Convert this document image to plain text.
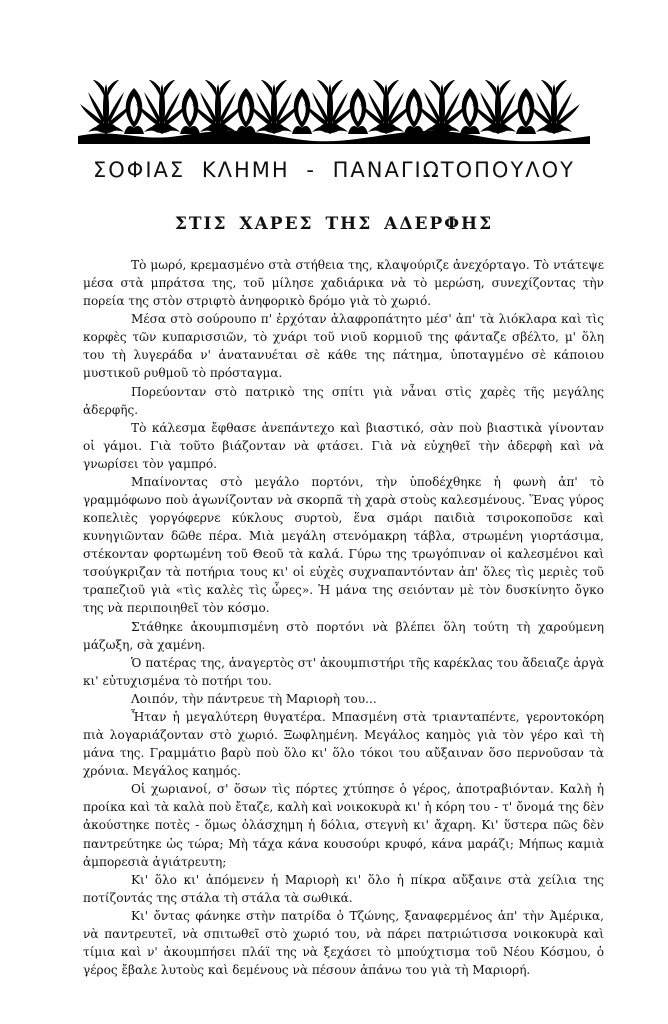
ΣΟΦΙΑΣ ΚΛΗΜΗ - ΠΑΝΑΓΙΩΤΟΠΟΥΛΟΥ
ΣΤΙΣ ΧΑΡΕΣ ΤΗΣ ΑΔΕΡΦΗΣ

Τὸ μωρό, κρεμασμένο στὰ στήθεια της, κλαψούριζε ἀνεχόρταγο. Τὸ ντάτεψε μέσα στὰ μπράτσα της, τοῦ μίλησε χαδιάρικα νὰ τὸ μερώση, συνεχίζοντας τὴν πορεία της στὸν στριφτὸ ἀνηφορικὸ δρόμο γιὰ τὸ χωριό.

Μέσα στὸ σούρουπο π' ἐρχόταν ἀλαφροπάτητο μέσ' ἀπ' τὰ λιόκλαρα καὶ τὶς κορφὲς τῶν κυπαρισσιῶν, τὸ χνάρι τοῦ νιοῦ κορμιοῦ της φάνταζε σβέλτο, μ' ὅλη του τὴ λυγεράδα ν' ἀνατανυέται σὲ κάθε της πάτημα, ὑποταγμένο σὲ κάποιου μυστικοῦ ρυθμοῦ τὸ πρόσταγμα.

Πορεύονταν στὸ πατρικὸ της σπίτι γιὰ νἆναι στὶς χαρὲς τῆς μεγάλης ἀδερφῆς.

Τὸ κάλεσμα ἔφθασε ἀνεπάντεχο καὶ βιαστικό, σὰν ποὺ βιαστικὰ γίνονταν οἱ γάμοι. Γιὰ τοῦτο βιάζονταν νὰ φτάσει. Γιὰ νὰ εὐχηθεῖ τὴν ἀδερφὴ καὶ νὰ γνωρίσει τὸν γαμπρό.

Μπαίνοντας στὸ μεγάλο πορτόνι, τὴν ὑποδέχθηκε ἡ φωνὴ ἀπ' τὸ γραμμόφωνο ποὺ ἀγωνίζονταν νὰ σκορπᾶ τὴ χαρὰ στοὺς καλεσμένους. Ἕνας γύρος κοπελιὲς γοργόφερνε κύκλους συρτοὺ, ἕνα σμάρι παιδιὰ τσιροκοποῦσε καὶ κυνηγιῶνταν δῶθε πέρα. Μιὰ μεγάλη στενόμακρη τάβλα, στρωμένη γιορτάσιμα, στέκονταν φορτωμένη τοῦ Θεοῦ τὰ καλά. Γύρω της τρωγόπιναν οἱ καλεσμένοι καὶ τσούγκριζαν τὰ ποτήρια τους κι' οἱ εὐχὲς συχναπαντόνταν ἀπ' ὅλες τὶς μεριὲς τοῦ τραπεζιοῦ γιὰ «τὶς καλὲς τὶς ὧρες». Ἡ μάνα της σειόνταν μὲ τὸν δυσκίνητο ὄγκο της νὰ περιποιηθεῖ τὸν κόσμο.

Στάθηκε ἀκουμπισμένη στὸ πορτόνι νὰ βλέπει ὅλη τούτη τὴ χαρούμενη μάζωξη, σὰ χαμένη.

Ὁ πατέρας της, ἀναγερτὸς στ' ἀκουμπιστήρι τῆς καρέκλας του ἄδειαζε ἀργὰ κι' εὐτυχισμένα τὸ ποτήρι του.

Λοιπόν, τὴν πάντρευε τὴ Μαριορὴ του...

Ἦταν ἡ μεγαλύτερη θυγατέρα. Μπασμένη στὰ τριανταπέντε, γεροντοκόρη πιὰ λογαριάζονταν στὸ χωριό. Ξωφλημένη. Μεγάλος καημὸς γιὰ τὸν γέρο καὶ τὴ μάνα της. Γραμμάτιο βαρὺ ποὺ ὅλο κι' ὅλο τόκοι του αὔξαιναν ὅσο περνοῦσαν τὰ χρόνια. Μεγάλος καημός.

Οἱ χωριανοί, σ' ὅσων τὶς πόρτες χτύπησε ὁ γέρος, ἀποτραβιόνταν. Καλὴ ἡ προίκα καὶ τὰ καλὰ ποὺ ἔταζε, καλὴ καὶ νοικοκυρὰ κι' ἡ κόρη του - τ' ὄνομά της δὲν ἀκούστηκε ποτὲς - ὅμως ὀλάσχημη ἡ δόλια, στεγνὴ κι' ἄχαρη. Κι' ὕστερα πῶς δὲν παντρεύτηκε ὡς τώρα; Μὴ τάχα κάνα κουσούρι κρυφό, κάνα μαράζι; Μήπως καμιὰ ἀμπορεσιὰ ἀγιάτρευτη;

Κι' ὅλο κι' ἀπόμενεν ἡ Μαριορὴ κι' ὅλο ἡ πίκρα αὔξαινε στὰ χείλια της ποτίζοντάς της στάλα τὴ στάλα τὰ σωθικά.

Κι' ὄντας φάνηκε στὴν πατρίδα ὁ Τζώνης, ξαναφερμένος ἀπ' τὴν Ἀμέρικα, νὰ παντρευτεῖ, νὰ σπιτωθεῖ στὸ χωριό του, νὰ πάρει πατριώτισσα νοικοκυρὰ καὶ τίμια καὶ ν' ἀκουμπήσει πλάϊ της νὰ ξεχάσει τὸ μπούχτισμα τοῦ Νέου Κόσμου, ὁ γέρος ἔβαλε λυτοὺς καὶ δεμένους νὰ πέσουν ἀπάνω του γιὰ τὴ Μαριορή.
